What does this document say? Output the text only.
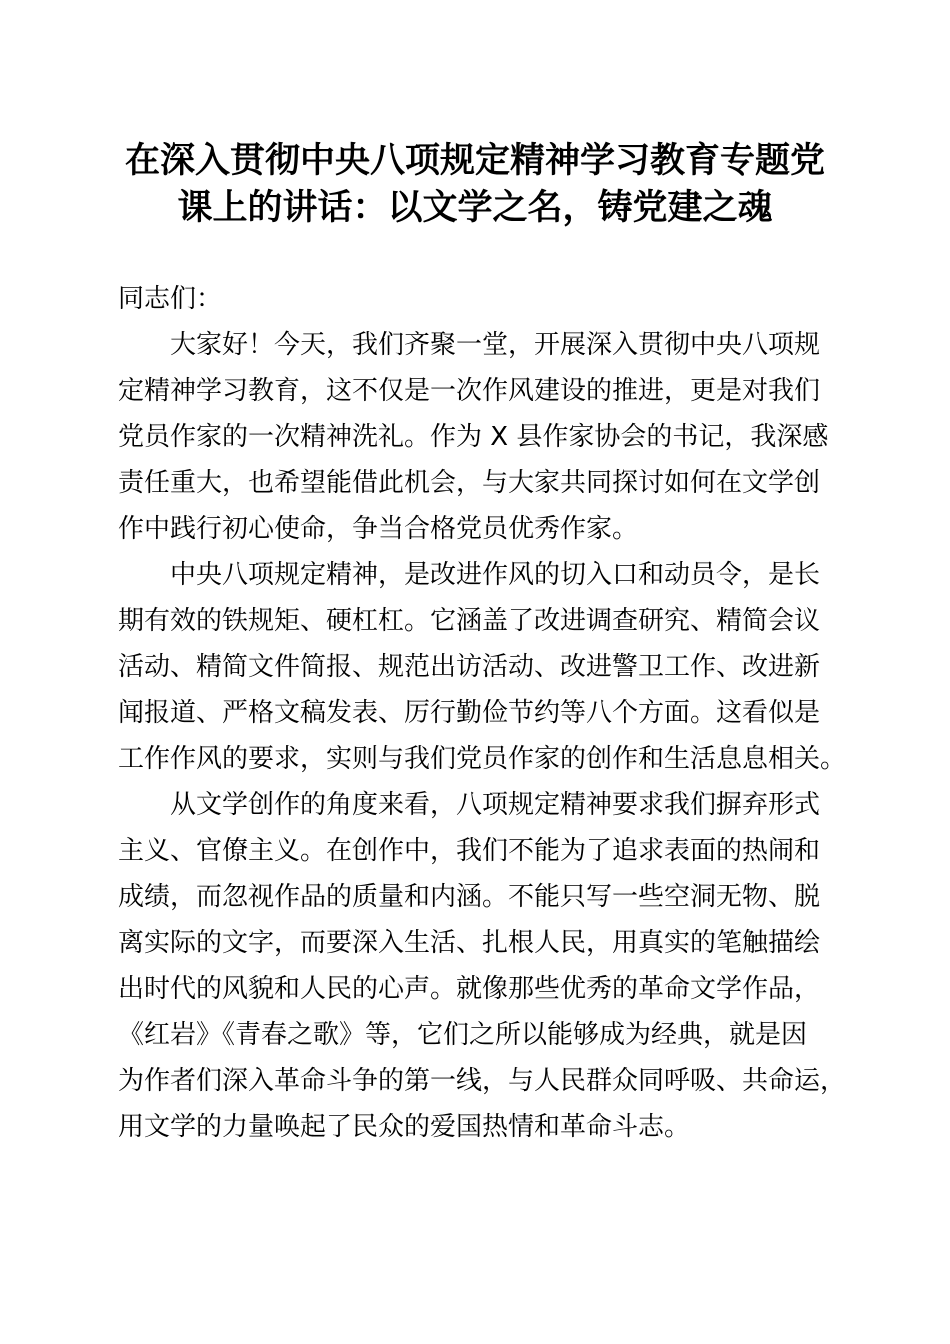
在深入贯彻中央八项规定精神学习教育专题党
课上的讲话：以文学之名，铸党建之魂

同志们：

大家好！今天，我们齐聚一堂，开展深入贯彻中央八项规
定精神学习教育，这不仅是一次作风建设的推进，更是对我们
党员作家的一次精神洗礼。作为 X 县作家协会的书记，我深感
责任重大，也希望能借此机会，与大家共同探讨如何在文学创
作中践行初心使命，争当合格党员优秀作家。

中央八项规定精神，是改进作风的切入口和动员令，是长
期有效的铁规矩、硬杠杠。它涵盖了改进调查研究、精简会议
活动、精简文件简报、规范出访活动、改进警卫工作、改进新
闻报道、严格文稿发表、厉行勤俭节约等八个方面。这看似是
工作作风的要求，实则与我们党员作家的创作和生活息息相关。

从文学创作的角度来看，八项规定精神要求我们摒弃形式
主义、官僚主义。在创作中，我们不能为了追求表面的热闹和
成绩，而忽视作品的质量和内涵。不能只写一些空洞无物、脱
离实际的文字，而要深入生活、扎根人民，用真实的笔触描绘
出时代的风貌和人民的心声。就像那些优秀的革命文学作品，
《红岩》《青春之歌》等，它们之所以能够成为经典，就是因
为作者们深入革命斗争的第一线，与人民群众同呼吸、共命运，
用文学的力量唤起了民众的爱国热情和革命斗志。
